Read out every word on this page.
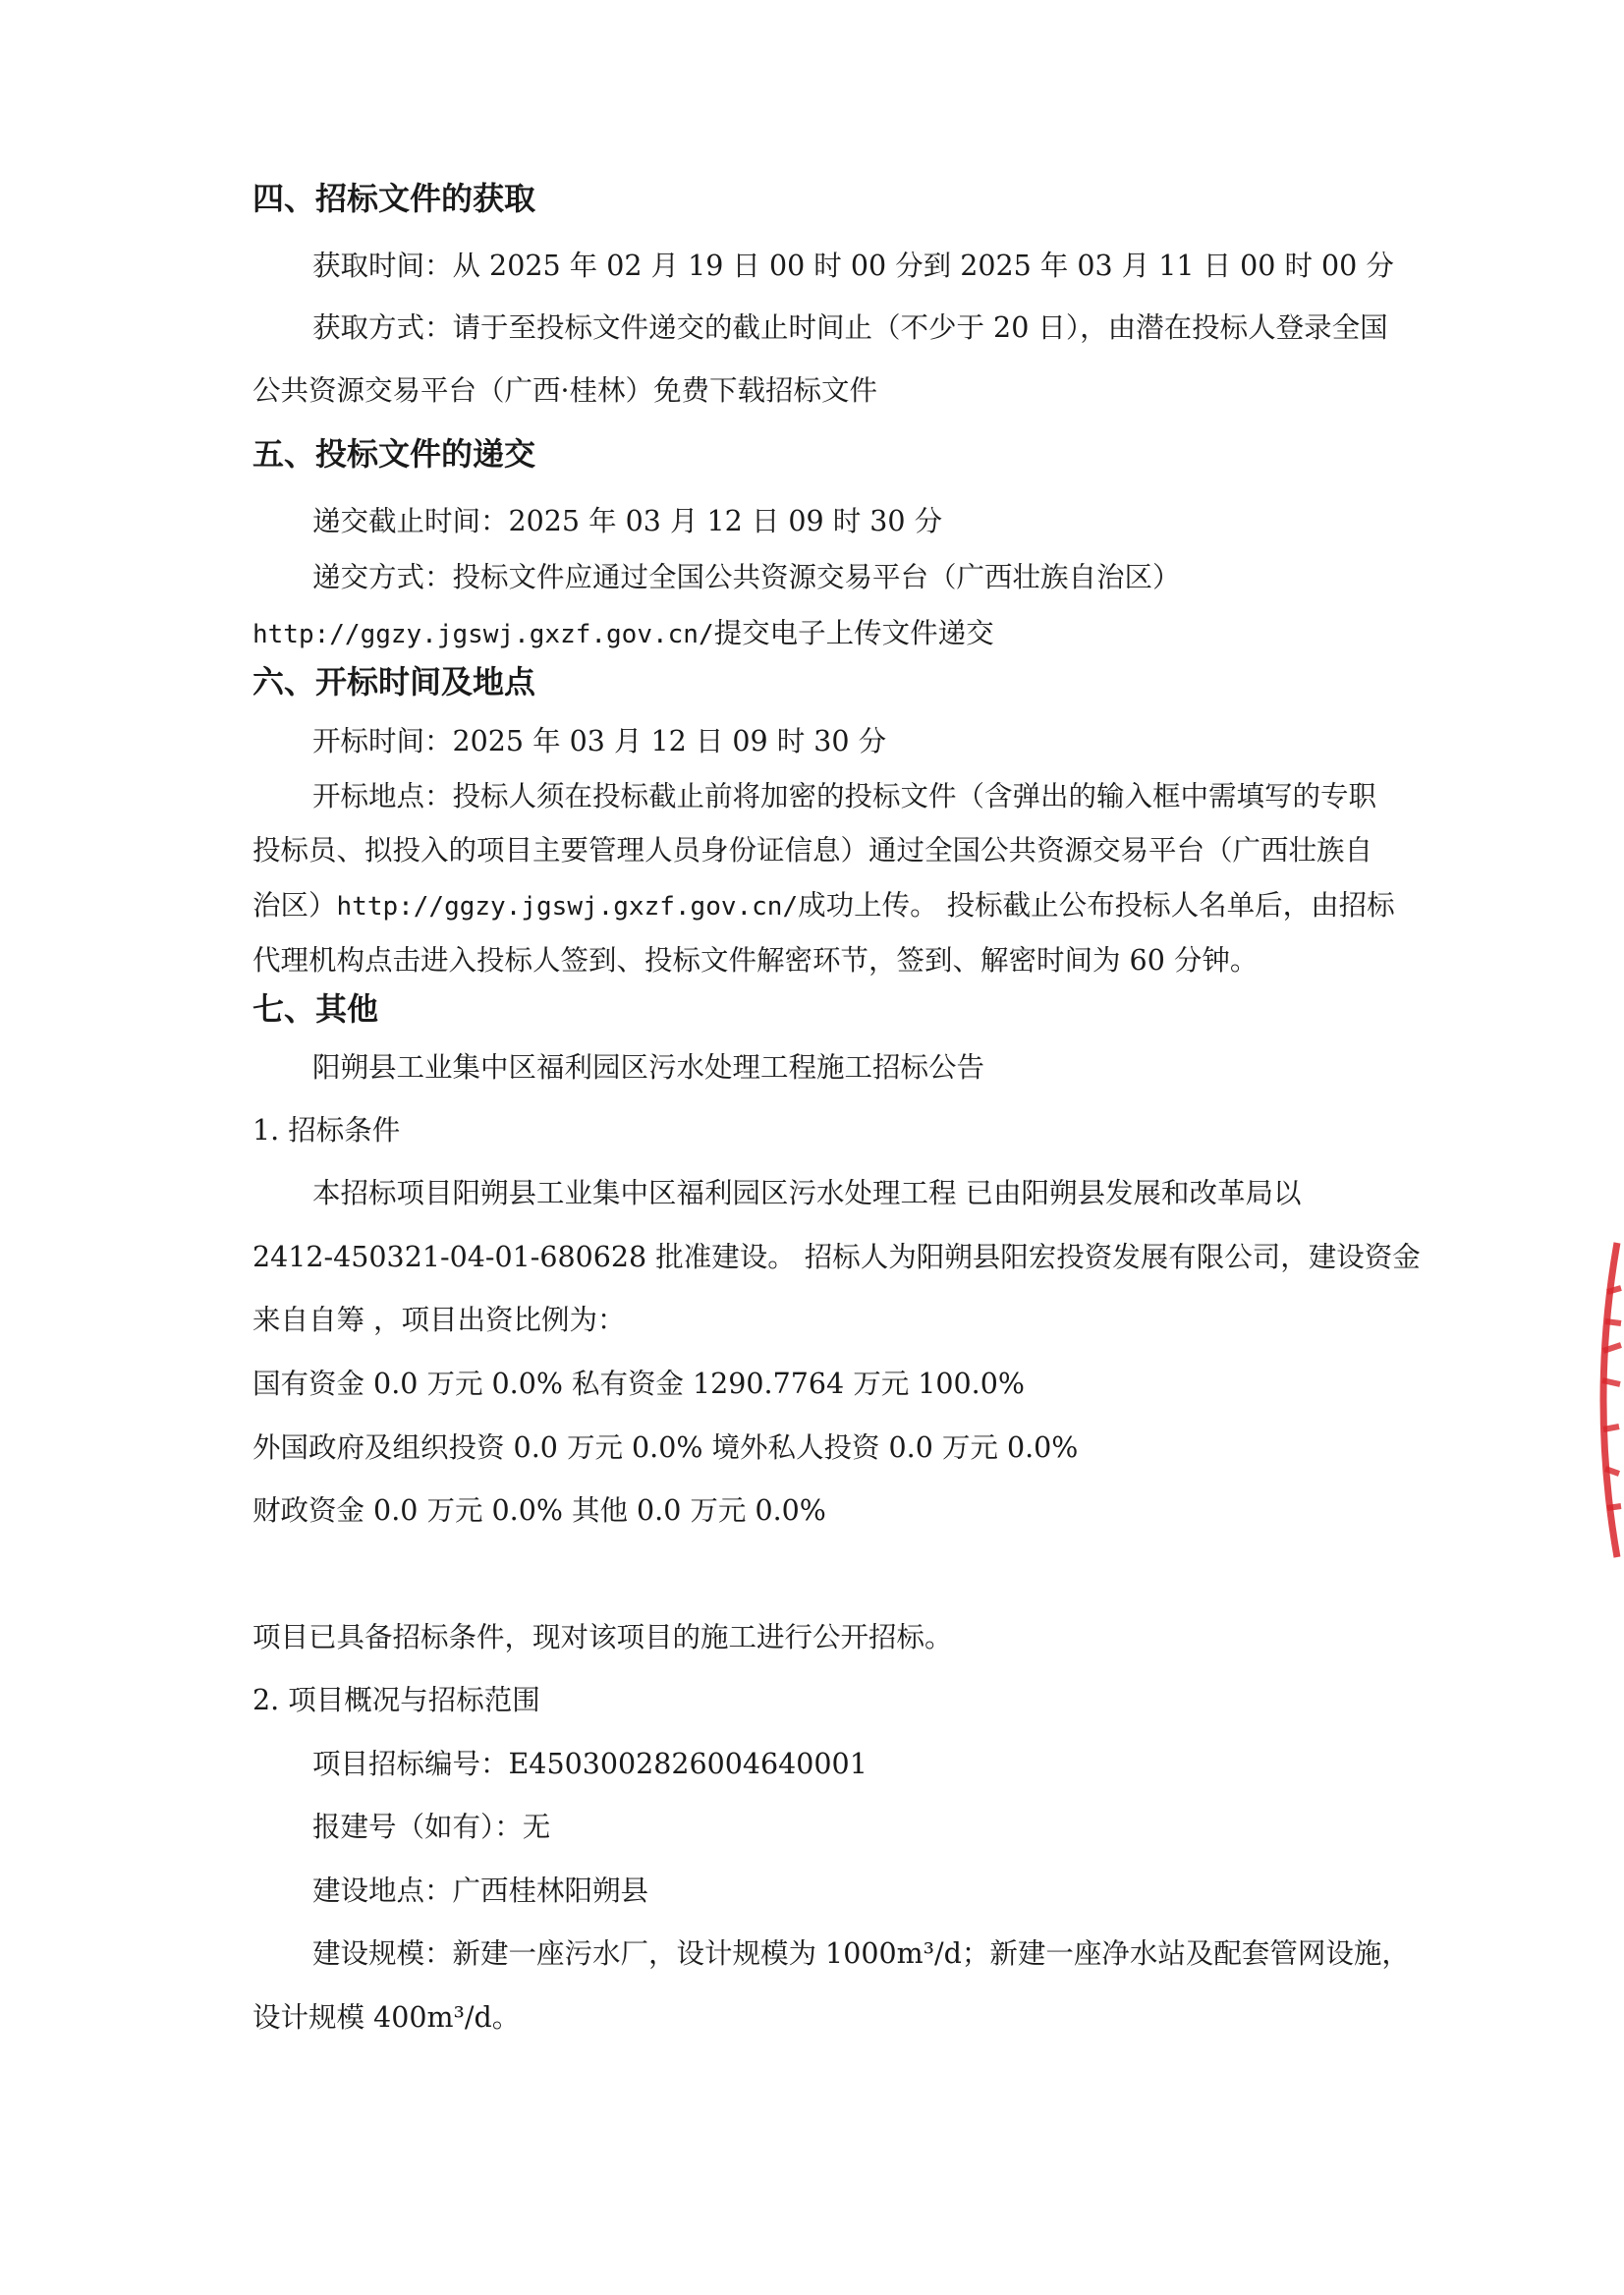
四、招标文件的获取
获取时间：从 2025 年 02 月 19 日 00 时 00 分到 2025 年 03 月 11 日 00 时 00 分
获取方式：请于至投标文件递交的截止时间止（不少于 20 日），由潜在投标人登录全国
公共资源交易平台（广西·桂林）免费下载招标文件
五、投标文件的递交
递交截止时间：2025 年 03 月 12 日 09 时 30 分
递交方式：投标文件应通过全国公共资源交易平台（广西壮族自治区）
http://ggzy.jgswj.gxzf.gov.cn/提交电子上传文件递交
六、开标时间及地点
开标时间：2025 年 03 月 12 日 09 时 30 分
开标地点：投标人须在投标截止前将加密的投标文件（含弹出的输入框中需填写的专职
投标员、拟投入的项目主要管理人员身份证信息）通过全国公共资源交易平台（广西壮族自
治区）http://ggzy.jgswj.gxzf.gov.cn/成功上传。 投标截止公布投标人名单后，由招标
代理机构点击进入投标人签到、投标文件解密环节，签到、解密时间为 60 分钟。
七、其他
阳朔县工业集中区福利园区污水处理工程施工招标公告
1. 招标条件
本招标项目阳朔县工业集中区福利园区污水处理工程 已由阳朔县发展和改革局以
2412-450321-04-01-680628 批准建设。 招标人为阳朔县阳宏投资发展有限公司，建设资金
来自自筹 ，项目出资比例为：
国有资金 0.0 万元 0.0% 私有资金 1290.7764 万元 100.0%
外国政府及组织投资 0.0 万元 0.0% 境外私人投资 0.0 万元 0.0%
财政资金 0.0 万元 0.0% 其他 0.0 万元 0.0%
项目已具备招标条件，现对该项目的施工进行公开招标。
2. 项目概况与招标范围
项目招标编号：E4503002826004640001
报建号（如有）：无
建设地点：广西桂林阳朔县
建设规模：新建一座污水厂，设计规模为 1000m³/d；新建一座净水站及配套管网设施，
设计规模 400m³/d。
